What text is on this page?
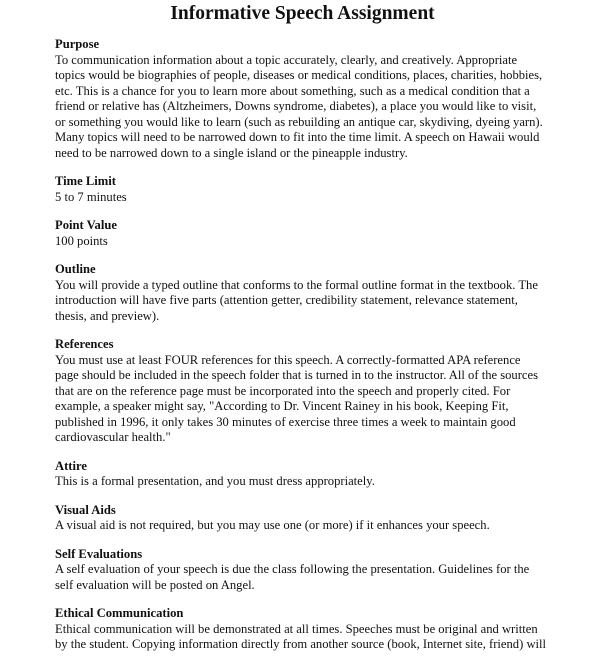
Informative Speech Assignment

Purpose

To communication information about a topic accurately, clearly, and creatively. Appropriate
topics would be biographies of people, diseases or medical conditions, places, charities, hobbies,
etc. This is a chance for you to learn more about something, such as a medical condition that a
friend or relative has (Altzheimers, Downs syndrome, diabetes), a place you would like to visit,
or something you would like to learn (such as rebuilding an antique car, skydiving, dyeing yarn).
Many topics will need to be narrowed down to fit into the time limit. A speech on Hawaii would
need to be narrowed down to a single island or the pineapple industry.

Time Limit

5 to 7 minutes

Point Value

100 points

Outline

You will provide a typed outline that conforms to the formal outline format in the textbook. The
introduction will have five parts (attention getter, credibility statement, relevance statement,
thesis, and preview).

References

You must use at least FOUR references for this speech. A correctly-formatted APA reference
page should be included in the speech folder that is turned in to the instructor. All of the sources
that are on the reference page must be incorporated into the speech and properly cited. For
example, a speaker might say, "According to Dr. Vincent Rainey in his book, Keeping Fit,
published in 1996, it only takes 30 minutes of exercise three times a week to maintain good
cardiovascular health."

Attire

This is a formal presentation, and you must dress appropriately.

Visual Aids

A visual aid is not required, but you may use one (or more) if it enhances your speech.

Self Evaluations

A self evaluation of your speech is due the class following the presentation. Guidelines for the
self evaluation will be posted on Angel.

Ethical Communication

Ethical communication will be demonstrated at all times. Speeches must be original and written
by the student. Copying information directly from another source (book, Internet site, friend) will
